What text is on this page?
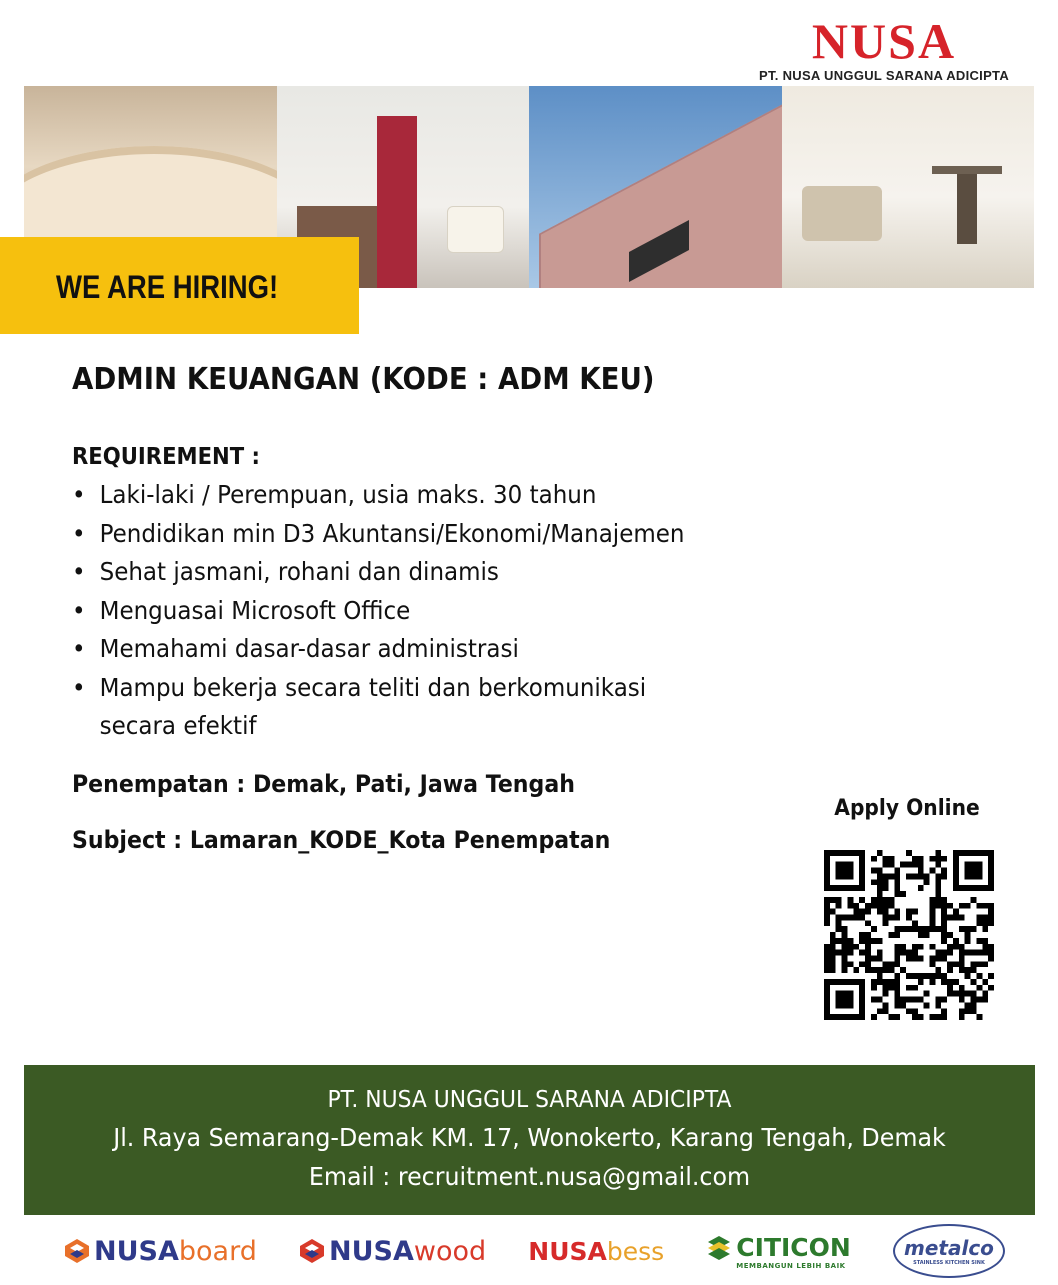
NUSA
PT. NUSA UNGGUL SARANA ADICIPTA
WE ARE HIRING!
ADMIN KEUANGAN (KODE : ADM KEU)
REQUIREMENT :
• Laki-laki / Perempuan, usia maks. 30 tahun
• Pendidikan min D3 Akuntansi/Ekonomi/Manajemen
• Sehat jasmani, rohani dan dinamis
• Menguasai Microsoft Office
• Memahami dasar-dasar administrasi
• Mampu bekerja secara teliti dan berkomunikasi
secara efektif
Penempatan : Demak, Pati, Jawa Tengah
Subject : Lamaran_KODE_Kota Penempatan
Apply Online
PT. NUSA UNGGUL SARANA ADICIPTA
Jl. Raya Semarang-Demak KM. 17, Wonokerto, Karang Tengah, Demak
Email : recruitment.nusa@gmail.com
NUSA board	NUSA wood NUSA bess	CITICON
MEMBANGUN LEBIH BAIK
metalco
STAINLESS KITCHEN SINK
